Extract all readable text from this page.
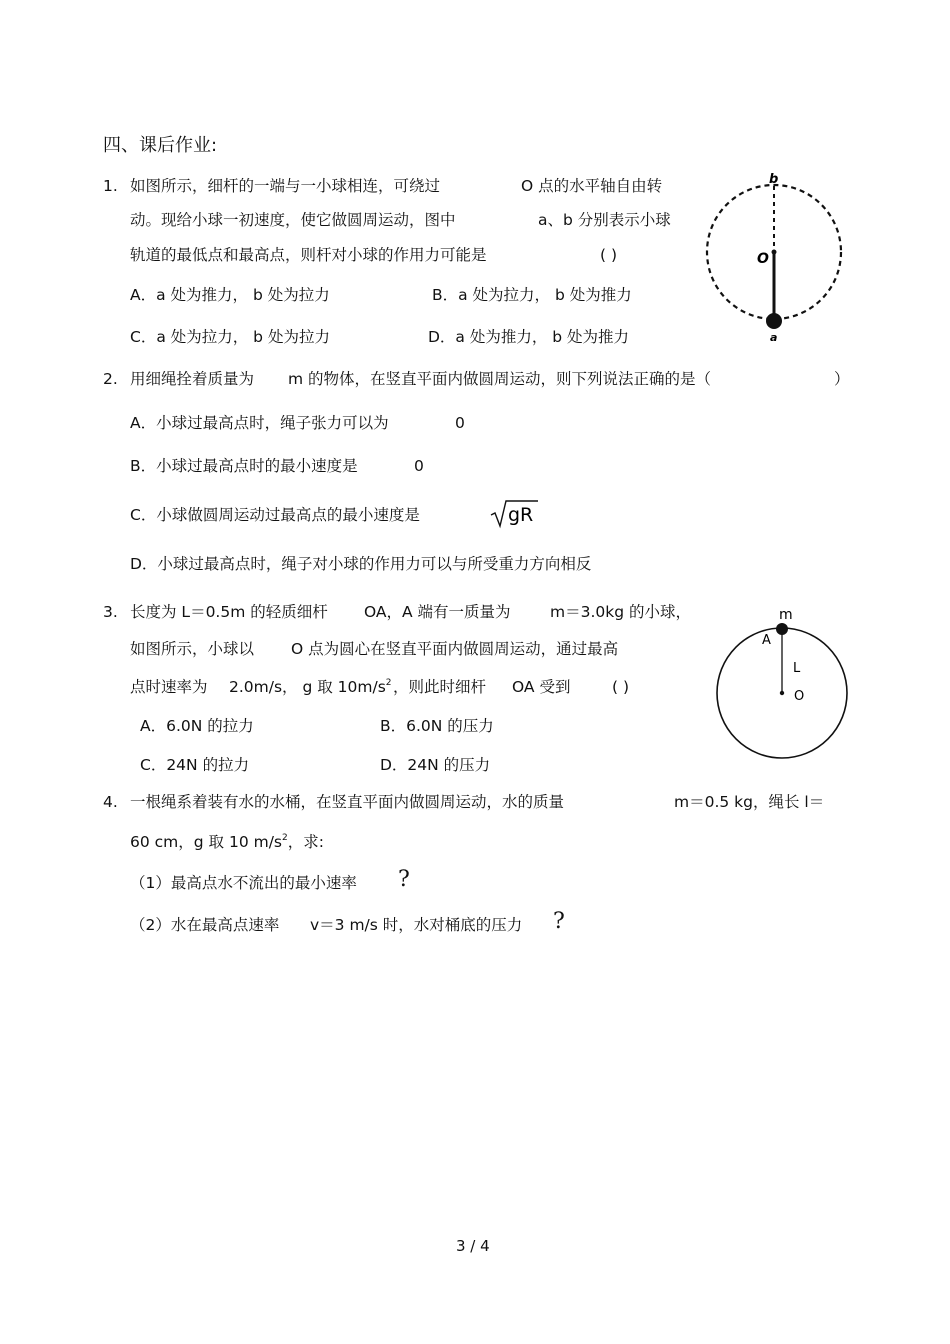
四、课后作业:
1. 如图所示，细杆的一端与一小球相连，可绕过	O 点的水平轴自由转
动。现给小球一初速度，使它做圆周运动，图中	a、b 分别表示小球
轨道的最低点和最高点，则杆对小球的作用力可能是	( )
A．a 处为推力， b 处为拉力	B．a 处为拉力， b 处为推力
C．a 处为拉力， b 处为拉力	D．a 处为推力， b 处为推力
b
O
a
2. 用细绳拴着质量为 m 的物体，在竖直平面内做圆周运动，则下列说法正确的是（	）
A．小球过最高点时，绳子张力可以为	0
B．小球过最高点时的最小速度是	0
C．小球做圆周运动过最高点的最小速度是	gR
D．小球过最高点时，绳子对小球的作用力可以与所受重力方向相反
3. 长度为 L＝0.5m 的轻质细杆 OA，A 端有一质量为	m＝3.0kg 的小球，
如图所示，小球以 O 点为圆心在竖直平面内做圆周运动，通过最高
点时速率为 2.0m/s， g 取 $10m/s^2$ ，则此时细杆 OA 受到	( )
A．6.0N 的拉力	B．6.0N 的压力
C．24N 的拉力	D．24N 的压力
m
A
L
O
4. 一根绳系着装有水的水桶，在竖直平面内做圆周运动，水的质量	m＝0.5 kg，绳长 l＝
60 cm，g 取 10 $m/s^2$，求:
（1）最高点水不流出的最小速率 ?
（2）水在最高点速率 v＝3 m/s 时，水对桶底的压力 ?
3 / 4
